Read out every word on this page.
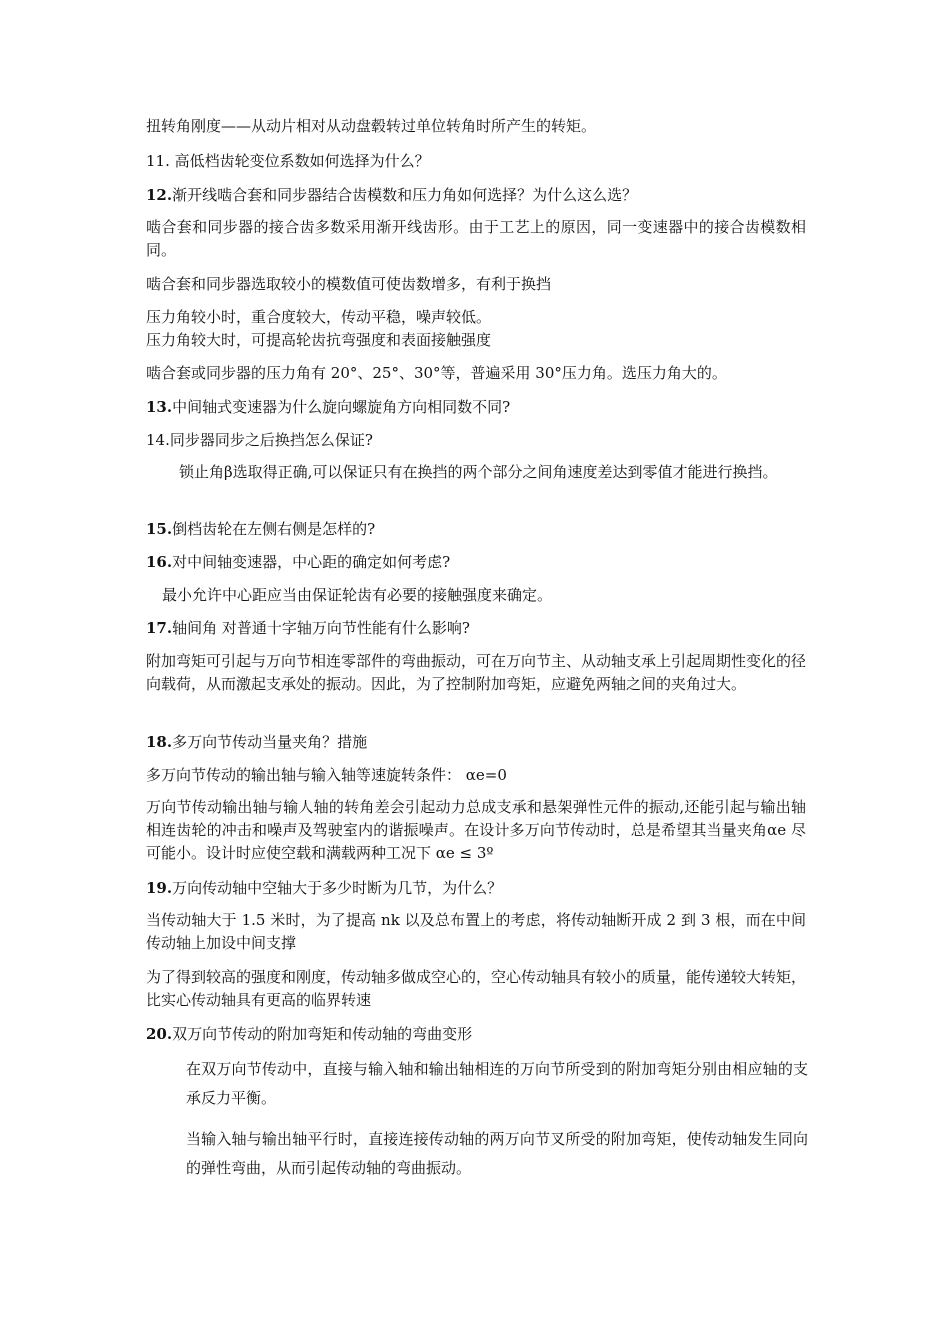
扭转角刚度——从动片相对从动盘毂转过单位转角时所产生的转矩。
11. 高低档齿轮变位系数如何选择为什么？
12.渐开线啮合套和同步器结合齿模数和压力角如何选择？为什么这么选？
啮合套和同步器的接合齿多数采用渐开线齿形。由于工艺上的原因，同一变速器中的接合齿模数相同。
啮合套和同步器选取较小的模数值可使齿数增多，有利于换挡
压力角较小时，重合度较大，传动平稳，噪声较低。
压力角较大时，可提高轮齿抗弯强度和表面接触强度
啮合套或同步器的压力角有 20°、25°、30°等，普遍采用 30°压力角。选压力角大的。
13.中间轴式变速器为什么旋向螺旋角方向相同数不同?
14.同步器同步之后换挡怎么保证?
锁止角β选取得正确,可以保证只有在换挡的两个部分之间角速度差达到零值才能进行换挡。
15.倒档齿轮在左侧右侧是怎样的?
16.对中间轴变速器，中心距的确定如何考虑?
最小允许中心距应当由保证轮齿有必要的接触强度来确定。
17.轴间角 对普通十字轴万向节性能有什么影响?
附加弯矩可引起与万向节相连零部件的弯曲振动，可在万向节主、从动轴支承上引起周期性变化的径向载荷，从而激起支承处的振动。因此，为了控制附加弯矩，应避免两轴之间的夹角过大。
18.多万向节传动当量夹角？措施
多万向节传动的输出轴与输入轴等速旋转条件： αe=0
万向节传动输出轴与输人轴的转角差会引起动力总成支承和悬架弹性元件的振动,还能引起与输出轴相连齿轮的冲击和噪声及驾驶室内的谐振噪声。在设计多万向节传动时，总是希望其当量夹角αe 尽可能小。设计时应使空载和满载两种工况下 αe ≤ 3º
19.万向传动轴中空轴大于多少时断为几节，为什么？
当传动轴大于 1.5 米时，为了提高 nk 以及总布置上的考虑，将传动轴断开成 2 到 3 根，而在中间传动轴上加设中间支撑
为了得到较高的强度和刚度，传动轴多做成空心的，空心传动轴具有较小的质量，能传递较大转矩，比实心传动轴具有更高的临界转速
20.双万向节传动的附加弯矩和传动轴的弯曲变形
在双万向节传动中，直接与输入轴和输出轴相连的万向节所受到的附加弯矩分别由相应轴的支承反力平衡。
当输入轴与输出轴平行时，直接连接传动轴的两万向节叉所受的附加弯矩，使传动轴发生同向的弹性弯曲，从而引起传动轴的弯曲振动。
